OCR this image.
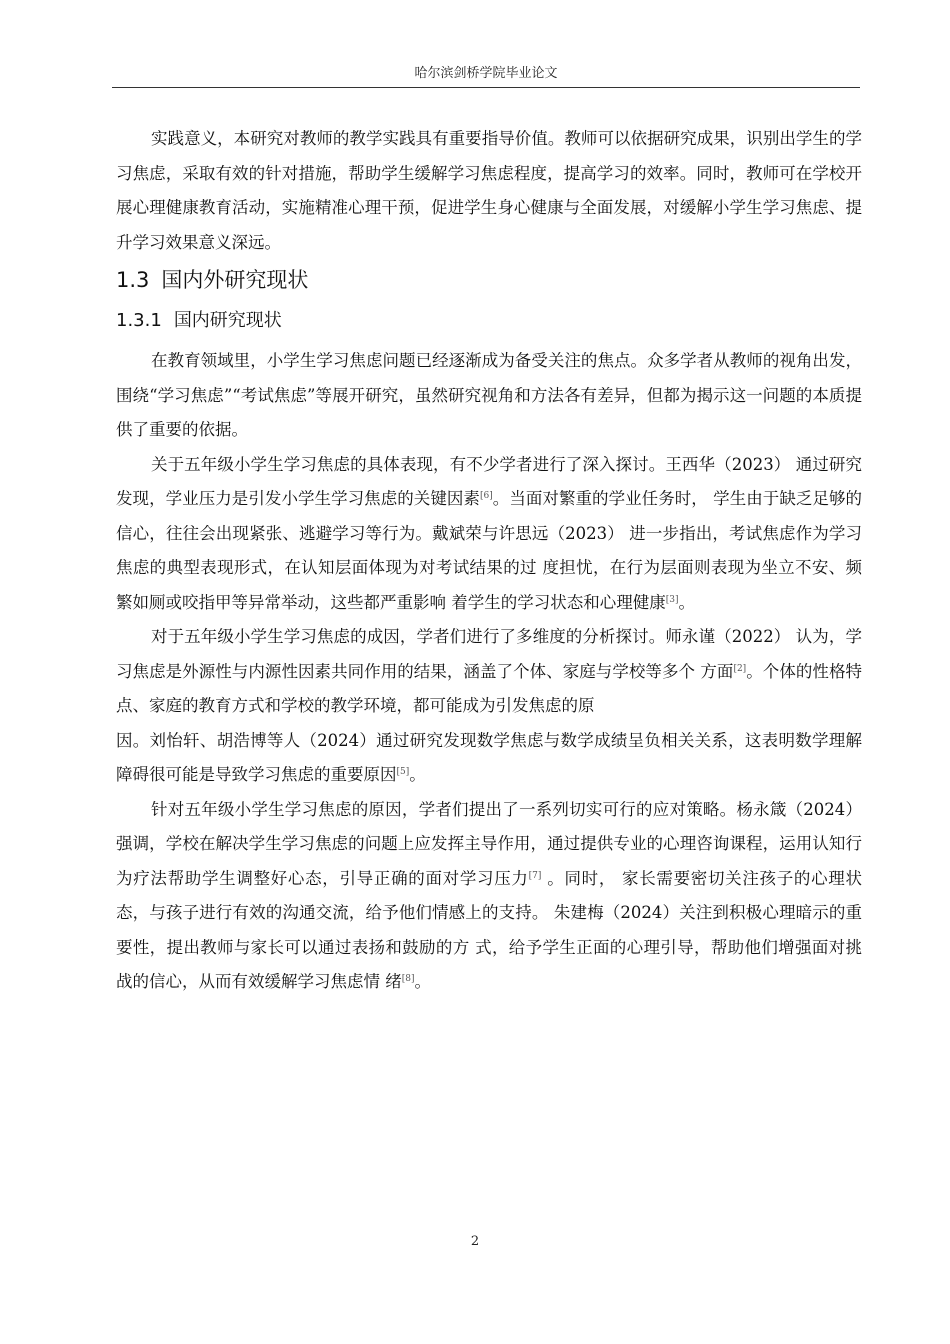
哈尔滨剑桥学院毕业论文

实践意义，本研究对教师的教学实践具有重要指导价值。教师可以依据研究成果，识别出学生的学习焦虑，采取有效的针对措施，帮助学生缓解学习焦虑程度，提高学习的效率。同时，教师可在学校开展心理健康教育活动，实施精准心理干预，促进学生身心健康与全面发展，对缓解小学生学习焦虑、提升学习效果意义深远。

1.3 国内外研究现状
1.3.1 国内研究现状

在教育领域里，小学生学习焦虑问题已经逐渐成为备受关注的焦点。众多学者从教师的视角出发，围绕“学习焦虑”“考试焦虑”等展开研究，虽然研究视角和方法各有差异，但都为揭示这一问题的本质提供了重要的依据。

关于五年级小学生学习焦虑的具体表现，有不少学者进行了深入探讨。王西华（2023） 通过研究发现，学业压力是引发小学生学习焦虑的关键因素[6]。当面对繁重的学业任务时， 学生由于缺乏足够的信心，往往会出现紧张、逃避学习等行为。戴斌荣与许思远（2023） 进一步指出，考试焦虑作为学习焦虑的典型表现形式，在认知层面体现为对考试结果的过 度担忧，在行为层面则表现为坐立不安、频繁如厕或咬指甲等异常举动，这些都严重影响 着学生的学习状态和心理健康[3]。

对于五年级小学生学习焦虑的成因，学者们进行了多维度的分析探讨。师永谨（2022） 认为，学习焦虑是外源性与内源性因素共同作用的结果，涵盖了个体、家庭与学校等多个 方面[2]。个体的性格特点、家庭的教育方式和学校的教学环境，都可能成为引发焦虑的原

因。刘怡轩、胡浩博等人（2024）通过研究发现数学焦虑与数学成绩呈负相关关系，这表明数学理解障碍很可能是导致学习焦虑的重要原因[5]。

针对五年级小学生学习焦虑的原因，学者们提出了一系列切实可行的应对策略。杨永箴（2024）强调，学校在解决学生学习焦虑的问题上应发挥主导作用，通过提供专业的心理咨询课程，运用认知行为疗法帮助学生调整好心态，引导正确的面对学习压力[7] 。同时， 家长需要密切关注孩子的心理状态，与孩子进行有效的沟通交流，给予他们情感上的支持。 朱建梅（2024）关注到积极心理暗示的重要性，提出教师与家长可以通过表扬和鼓励的方 式，给予学生正面的心理引导，帮助他们增强面对挑战的信心，从而有效缓解学习焦虑情 绪[8]。

2
